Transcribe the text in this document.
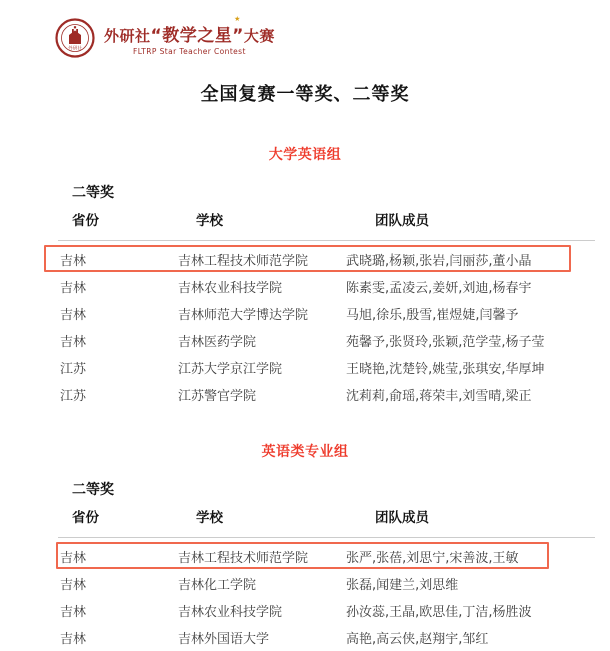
外研社
外研社“教学之星”大赛
★
FLTRP Star Teacher Contest
全国复赛一等奖、二等奖
大学英语组
二等奖
省份	学校	团队成员
吉林	吉林工程技术师范学院	武晓璐,杨颖,张岩,闫丽莎,董小晶
吉林	吉林农业科技学院	陈素雯,孟凌云,姜妍,刘迪,杨春宇
吉林	吉林师范大学博达学院	马旭,徐乐,殷雪,崔煜婕,闫馨予
吉林	吉林医药学院	苑馨予,张贤玲,张颖,范学莹,杨子莹
江苏	江苏大学京江学院	王晓艳,沈楚铃,姚莹,张琪安,华厚坤
江苏	江苏警官学院	沈莉莉,俞瑶,蒋荣丰,刘雪晴,梁正
英语类专业组
二等奖
省份	学校	团队成员
吉林	吉林工程技术师范学院	张严,张蓓,刘思宁,宋善波,王敏
吉林	吉林化工学院	张磊,闻建兰,刘思维
吉林	吉林农业科技学院	孙汝蕊,王晶,欧思佳,丁洁,杨胜波
吉林	吉林外国语大学	高艳,高云侠,赵翔宇,邹红
